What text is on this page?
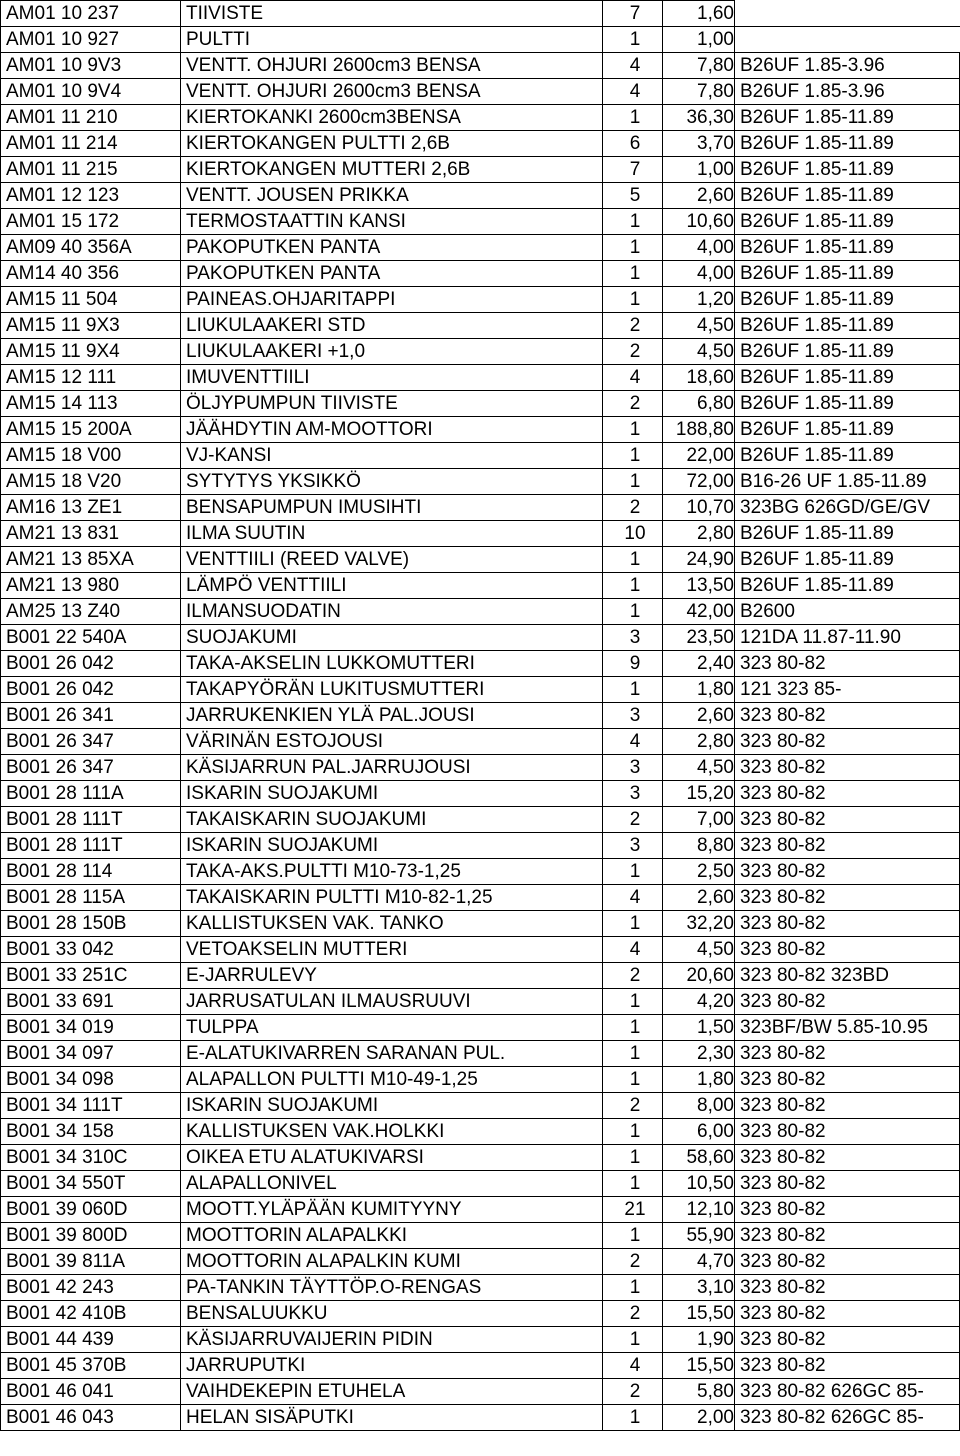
AM01 10 237	TIIVISTE	7	1,60	
AM01 10 927	PULTTI	1	1,00	
AM01 10 9V3	VENTT. OHJURI 2600cm3 BENSA	4	7,80	B26UF 1.85-3.96
AM01 10 9V4	VENTT. OHJURI 2600cm3 BENSA	4	7,80	B26UF 1.85-3.96
AM01 11 210	KIERTOKANKI 2600cm3BENSA	1	36,30	B26UF 1.85-11.89
AM01 11 214	KIERTOKANGEN PULTTI 2,6B	6	3,70	B26UF 1.85-11.89
AM01 11 215	KIERTOKANGEN MUTTERI 2,6B	7	1,00	B26UF 1.85-11.89
AM01 12 123	VENTT. JOUSEN PRIKKA	5	2,60	B26UF 1.85-11.89
AM01 15 172	TERMOSTAATTIN KANSI	1	10,60	B26UF 1.85-11.89
AM09 40 356A	PAKOPUTKEN PANTA	1	4,00	B26UF 1.85-11.89
AM14 40 356	PAKOPUTKEN PANTA	1	4,00	B26UF 1.85-11.89
AM15 11 504	PAINEAS.OHJARITAPPI	1	1,20	B26UF 1.85-11.89
AM15 11 9X3	LIUKULAAKERI STD	2	4,50	B26UF 1.85-11.89
AM15 11 9X4	LIUKULAAKERI +1,0	2	4,50	B26UF 1.85-11.89
AM15 12 111	IMUVENTTIILI	4	18,60	B26UF 1.85-11.89
AM15 14 113	ÖLJYPUMPUN TIIVISTE	2	6,80	B26UF 1.85-11.89
AM15 15 200A	JÄÄHDYTIN AM-MOOTTORI	1	188,80	B26UF 1.85-11.89
AM15 18 V00	VJ-KANSI	1	22,00	B26UF 1.85-11.89
AM15 18 V20	SYTYTYS YKSIKKÖ	1	72,00	B16-26 UF 1.85-11.89
AM16 13 ZE1	BENSAPUMPUN IMUSIHTI	2	10,70	323BG 626GD/GE/GV
AM21 13 831	ILMA SUUTIN	10	2,80	B26UF 1.85-11.89
AM21 13 85XA	VENTTIILI (REED VALVE)	1	24,90	B26UF 1.85-11.89
AM21 13 980	LÄMPÖ VENTTIILI	1	13,50	B26UF 1.85-11.89
AM25 13 Z40	ILMANSUODATIN	1	42,00	B2600
B001 22 540A	SUOJAKUMI	3	23,50	121DA 11.87-11.90
B001 26 042	TAKA-AKSELIN LUKKOMUTTERI	9	2,40	323 80-82
B001 26 042	TAKAPYÖRÄN LUKITUSMUTTERI	1	1,80	121 323 85-
B001 26 341	JARRUKENKIEN YLÄ PAL.JOUSI	3	2,60	323 80-82
B001 26 347	VÄRINÄN ESTOJOUSI	4	2,80	323 80-82
B001 26 347	KÄSIJARRUN PAL.JARRUJOUSI	3	4,50	323 80-82
B001 28 111A	ISKARIN SUOJAKUMI	3	15,20	323 80-82
B001 28 111T	TAKAISKARIN SUOJAKUMI	2	7,00	323 80-82
B001 28 111T	ISKARIN SUOJAKUMI	3	8,80	323 80-82
B001 28 114	TAKA-AKS.PULTTI M10-73-1,25	1	2,50	323 80-82
B001 28 115A	TAKAISKARIN PULTTI M10-82-1,25	4	2,60	323 80-82
B001 28 150B	KALLISTUKSEN VAK. TANKO	1	32,20	323 80-82
B001 33 042	VETOAKSELIN MUTTERI	4	4,50	323 80-82
B001 33 251C	E-JARRULEVY	2	20,60	323 80-82 323BD
B001 33 691	JARRUSATULAN ILMAUSRUUVI	1	4,20	323 80-82
B001 34 019	TULPPA	1	1,50	323BF/BW 5.85-10.95
B001 34 097	E-ALATUKIVARREN SARANAN PUL.	1	2,30	323 80-82
B001 34 098	ALAPALLON PULTTI M10-49-1,25	1	1,80	323 80-82
B001 34 111T	ISKARIN SUOJAKUMI	2	8,00	323 80-82
B001 34 158	KALLISTUKSEN VAK.HOLKKI	1	6,00	323 80-82
B001 34 310C	OIKEA ETU ALATUKIVARSI	1	58,60	323 80-82
B001 34 550T	ALAPALLONIVEL	1	10,50	323 80-82
B001 39 060D	MOOTT.YLÄPÄÄN KUMITYYNY	21	12,10	323 80-82
B001 39 800D	MOOTTORIN ALAPALKKI	1	55,90	323 80-82
B001 39 811A	MOOTTORIN ALAPALKIN KUMI	2	4,70	323 80-82
B001 42 243	PA-TANKIN TÄYTTÖP.O-RENGAS	1	3,10	323 80-82
B001 42 410B	BENSALUUKKU	2	15,50	323 80-82
B001 44 439	KÄSIJARRUVAIJERIN PIDIN	1	1,90	323 80-82
B001 45 370B	JARRUPUTKI	4	15,50	323 80-82
B001 46 041	VAIHDEKEPIN ETUHELA	2	5,80	323 80-82 626GC 85-
B001 46 043	HELAN SISÄPUTKI	1	2,00	323 80-82 626GC 85-
